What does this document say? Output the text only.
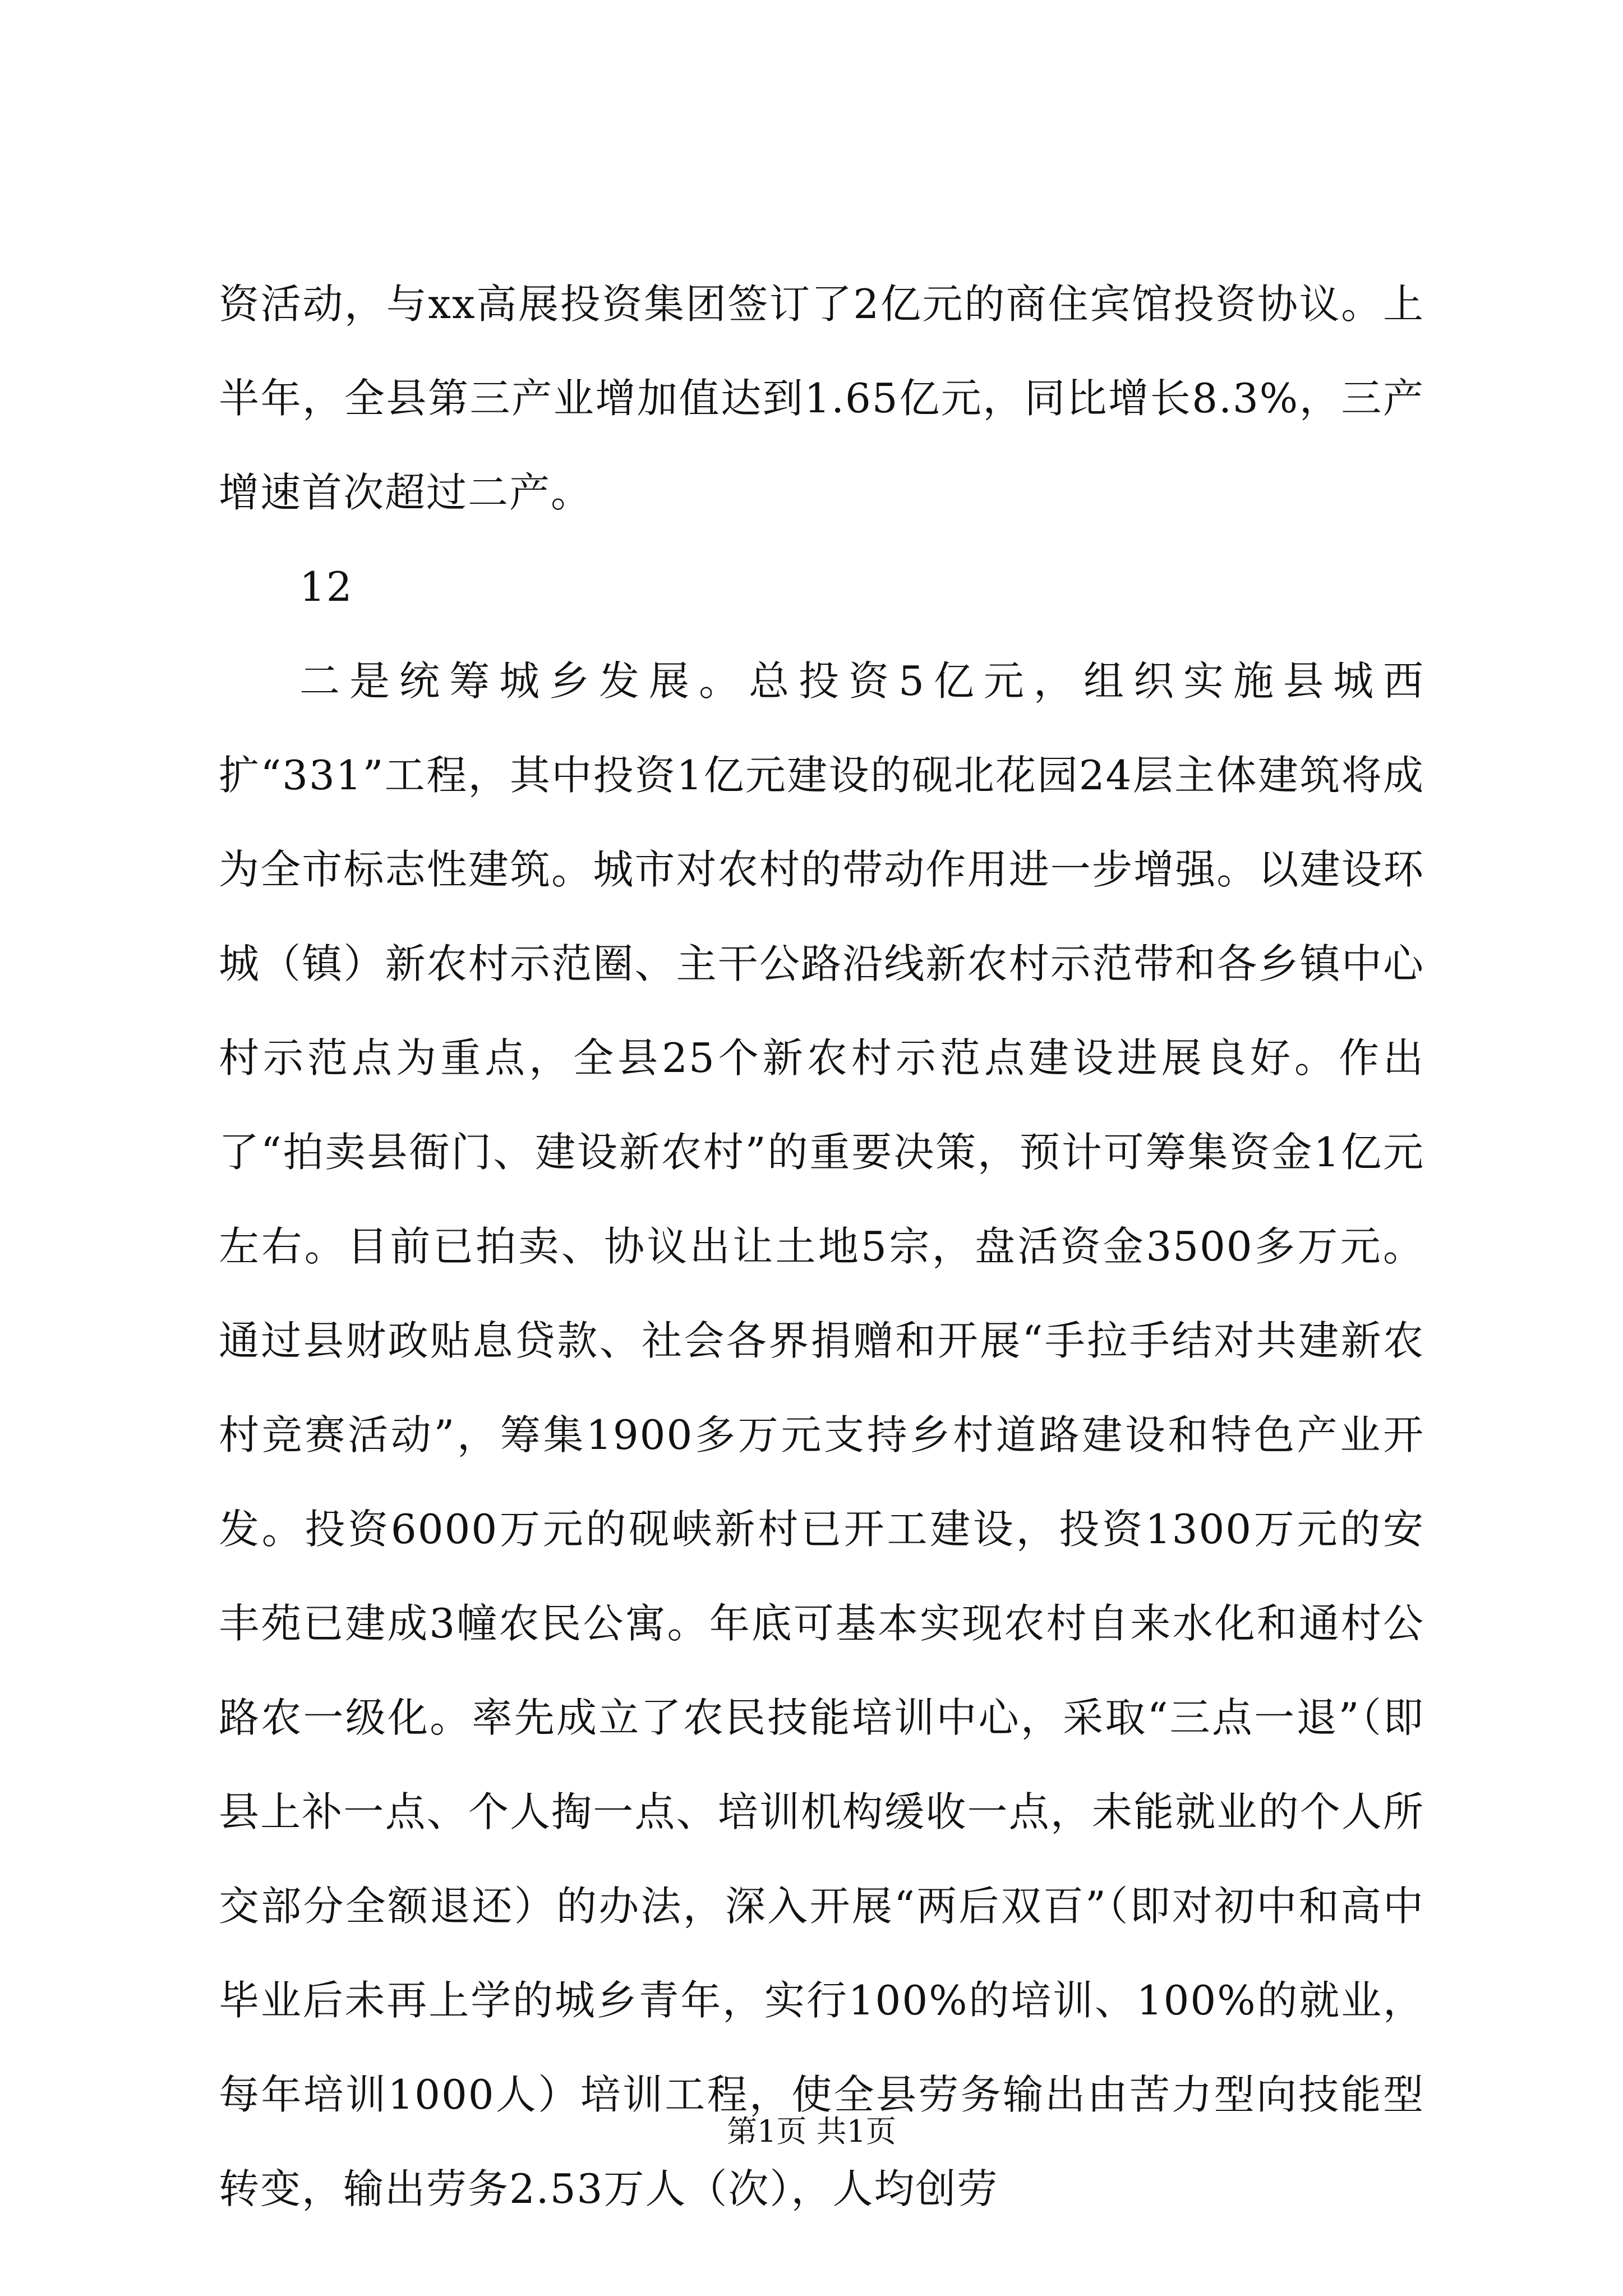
资活动，与xx高展投资集团签订了2亿元的商住宾馆投资协议。上半年，全县第三产业增加值达到1.65亿元，同比增长8.3%，三产增速首次超过二产。

12

二是统筹城乡发展。总投资5亿元，组织实施县城西扩“331”工程，其中投资1亿元建设的砚北花园24层主体建筑将成为全市标志性建筑。城市对农村的带动作用进一步增强。以建设环城（镇）新农村示范圈、主干公路沿线新农村示范带和各乡镇中心村示范点为重点，全县25个新农村示范点建设进展良好。作出了“拍卖县衙门、建设新农村”的重要决策，预计可筹集资金1亿元左右。目前已拍卖、协议出让土地5宗，盘活资金3500多万元。通过县财政贴息贷款、社会各界捐赠和开展“手拉手结对共建新农村竞赛活动”，筹集1900多万元支持乡村道路建设和特色产业开发。投资6000万元的砚峡新村已开工建设，投资1300万元的安丰苑已建成3幢农民公寓。年底可基本实现农村自来水化和通村公路农一级化。率先成立了农民技能培训中心，采取“三点一退”（即县上补一点、个人掏一点、培训机构缓收一点，未能就业的个人所交部分全额退还）的办法，深入开展“两后双百”（即对初中和高中毕业后未再上学的城乡青年，实行100%的培训、100%的就业，每年培训1000人）培训工程，使全县劳务输出由苦力型向技能型转变，输出劳务2.53万人（次），人均创劳

第1页 共1页
